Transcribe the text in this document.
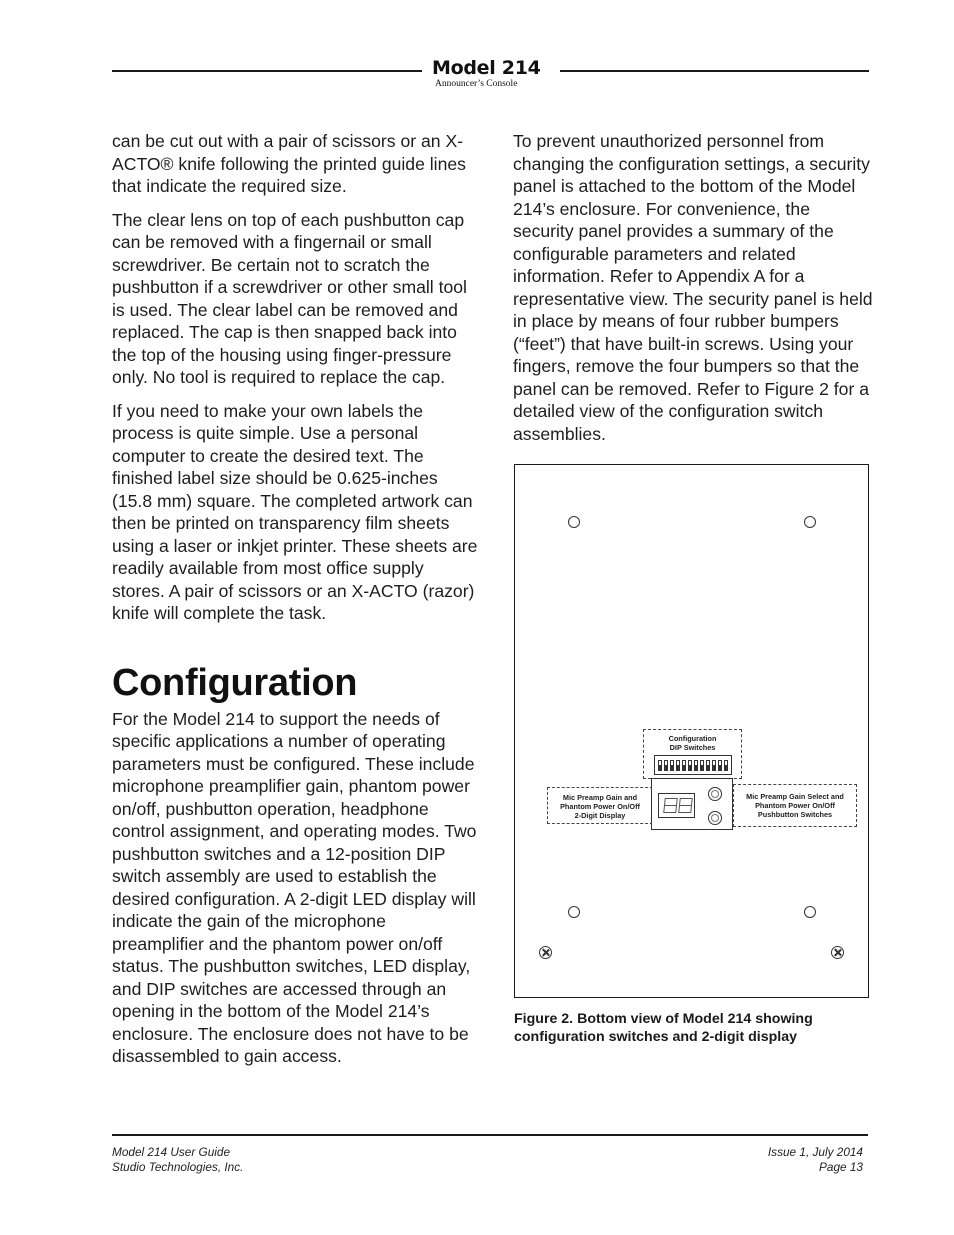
Model 214
Announcer’s Console

can be cut out with a pair of scissors or an X-ACTO® knife following the printed guide lines that indicate the required size.

The clear lens on top of each pushbutton cap can be removed with a fingernail or small screwdriver. Be certain not to scratch the pushbutton if a screwdriver or other small tool is used. The clear label can be removed and replaced. The cap is then snapped back into the top of the housing using finger-pressure only. No tool is required to replace the cap.

If you need to make your own labels the process is quite simple. Use a personal computer to create the desired text. The finished label size should be 0.625-inches (15.8 mm) square. The completed artwork can then be printed on transparency film sheets using a laser or inkjet printer. These sheets are readily available from most office supply stores. A pair of scissors or an X-ACTO (razor) knife will complete the task.

Configuration

For the Model 214 to support the needs of specific applications a number of operating parameters must be configured. These include microphone preamplifier gain, phantom power on/off, pushbutton operation, headphone control assignment, and operating modes. Two pushbutton switches and a 12-position DIP switch assembly are used to establish the desired configuration. A 2-digit LED display will indicate the gain of the microphone preamplifier and the phantom power on/off status. The pushbutton switches, LED display, and DIP switches are accessed through an opening in the bottom of the Model 214’s enclosure. The enclosure does not have to be disassembled to gain access.

To prevent unauthorized personnel from changing the configuration settings, a security panel is attached to the bottom of the Model 214’s enclosure. For convenience, the security panel provides a summary of the configurable parameters and related information. Refer to Appendix A for a representative view. The security panel is held in place by means of four rubber bumpers (“feet”) that have built-in screws. Using your fingers, remove the four bumpers so that the panel can be removed. Refer to Figure 2 for a detailed view of the configuration switch assemblies.

Configuration
DIP Switches
Mic Preamp Gain and
Phantom Power On/Off
2-Digit Display
Mic Preamp Gain Select and
Phantom Power On/Off
Pushbutton Switches
Figure 2. Bottom view of Model 214 showing configuration switches and 2-digit display
Model 214 User Guide
Studio Technologies, Inc.
Issue 1, July 2014
Page 13
